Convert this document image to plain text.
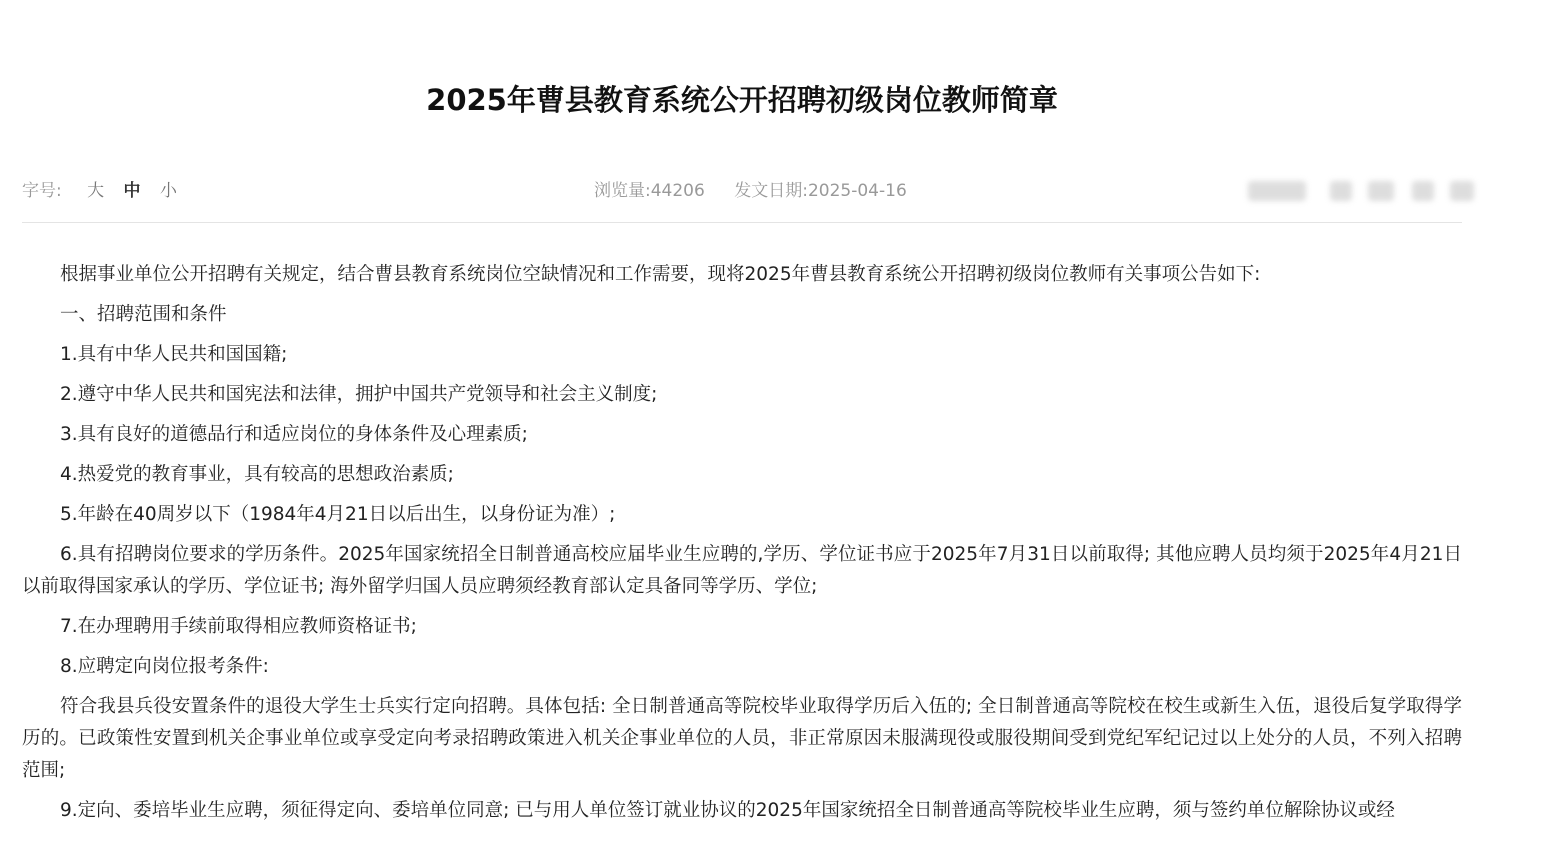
2025年曹县教育系统公开招聘初级岗位教师简章
字号: 大 中 小	浏览量:44206 发文日期:2025-04-16

根据事业单位公开招聘有关规定，结合曹县教育系统岗位空缺情况和工作需要，现将2025年曹县教育系统公开招聘初级岗位教师有关事项公告如下:

一、招聘范围和条件

1.具有中华人民共和国国籍;

2.遵守中华人民共和国宪法和法律，拥护中国共产党领导和社会主义制度;

3.具有良好的道德品行和适应岗位的身体条件及心理素质;

4.热爱党的教育事业，具有较高的思想政治素质;

5.年龄在40周岁以下（1984年4月21日以后出生，以身份证为准）;

6.具有招聘岗位要求的学历条件。2025年国家统招全日制普通高校应届毕业生应聘的,学历、学位证书应于2025年7月31日以前取得; 其他应聘人员均须于2025年4月21日以前取得国家承认的学历、学位证书; 海外留学归国人员应聘须经教育部认定具备同等学历、学位;

7.在办理聘用手续前取得相应教师资格证书;

8.应聘定向岗位报考条件:

符合我县兵役安置条件的退役大学生士兵实行定向招聘。具体包括: 全日制普通高等院校毕业取得学历后入伍的; 全日制普通高等院校在校生或新生入伍，退役后复学取得学历的。已政策性安置到机关企事业单位或享受定向考录招聘政策进入机关企事业单位的人员，非正常原因未服满现役或服役期间受到党纪军纪记过以上处分的人员，不列入招聘范围;

9.定向、委培毕业生应聘，须征得定向、委培单位同意; 已与用人单位签订就业协议的2025年国家统招全日制普通高等院校毕业生应聘，须与签约单位解除协议或经
